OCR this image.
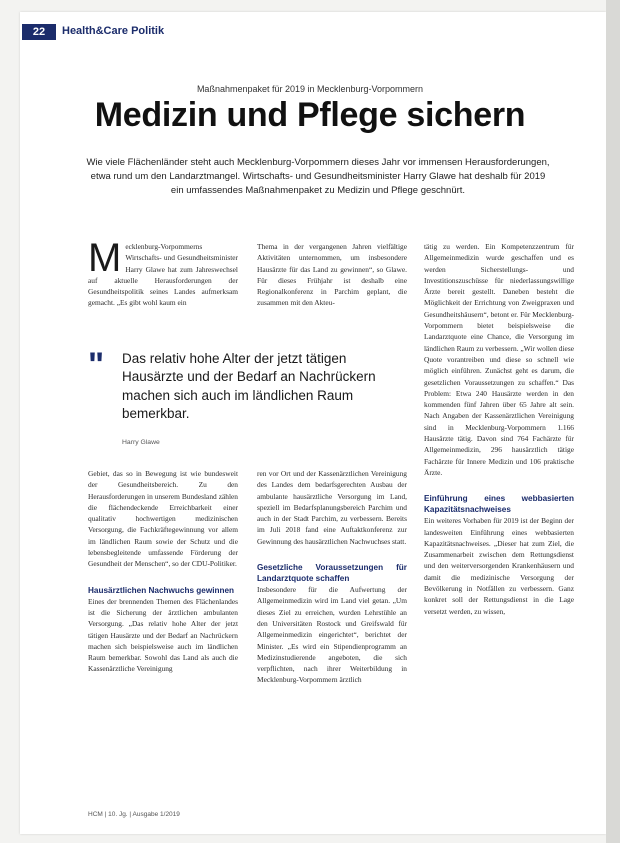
22	Health&Care Politik
Maßnahmenpaket für 2019 in Mecklenburg-Vorpommern
Medizin und Pflege sichern
Wie viele Flächenländer steht auch Mecklenburg-Vorpommern dieses Jahr vor immensen Herausforderungen, etwa rund um den Landarztmangel. Wirtschafts- und Gesundheitsminister Harry Glawe hat deshalb für 2019 ein umfassendes Maßnahmenpaket zu Medizin und Pflege geschnürt.
M ecklenburg-Vorpommerns Wirtschafts- und Gesundheitsminister Harry Glawe hat zum Jahreswechsel auf aktuelle Herausforderungen der Gesundheitspolitik seines Landes aufmerksam gemacht. „Es gibt wohl kaum ein

Thema in der vergangenen Jahren vielfältige Aktivitäten unternommen, um insbesondere Hausärzte für das Land zu gewinnen“, so Glawe. Für dieses Frühjahr ist deshalb eine Regionalkonferenz in Parchim geplant, die zusammen mit den Akteu-

" Das relativ hohe Alter der jetzt tätigen Hausärzte und der Bedarf an Nachrückern machen sich auch im ländlichen Raum bemerkbar.
Harry Glawe

Gebiet, das so in Bewegung ist wie bundesweit der Gesundheitsbereich. Zu den Herausforderungen in unserem Bundesland zählen die flächendeckende Erreichbarkeit einer qualitativ hochwertigen medizinischen Versorgung, die Fachkräftegewinnung vor allem im ländlichen Raum sowie der Schutz und die lebensbegleitende umfassende Förderung der Gesundheit der Menschen“, so der CDU-Politiker.

Hausärztlichen Nachwuchs gewinnen

Eines der brennenden Themen des Flächenlandes ist die Sicherung der ärztlichen ambulanten Versorgung. „Das relativ hohe Alter der jetzt tätigen Hausärzte und der Bedarf an Nachrückern machen sich beispielsweise auch im ländlichen Raum bemerkbar. Sowohl das Land als auch die Kassenärztliche Vereinigung

ren vor Ort und der Kassenärztlichen Vereinigung des Landes dem bedarfsgerechten Ausbau der ambulante hausärztliche Versorgung im Land, speziell im Bedarfsplanungsbereich Parchim und auch in der Stadt Parchim, zu verbessern. Bereits im Juli 2018 fand eine Auftaktkonferenz zur Gewinnung des hausärztlichen Nachwuchses statt.

Gesetzliche Voraussetzungen für Landarztquote schaffen

Insbesondere für die Aufwertung der Allgemeinmedizin wird im Land viel getan. „Um dieses Ziel zu erreichen, wurden Lehrstühle an den Universitäten Rostock und Greifswald für Allgemeinmedizin eingerichtet“, berichtet der Minister. „Es wird ein Stipendienprogramm an Medizinstudierende angeboten, die sich verpflichten, nach ihrer Weiterbildung in Mecklenburg-Vorpommern ärztlich

tätig zu werden. Ein Kompetenzzentrum für Allgemeinmedizin wurde geschaffen und es werden Sicherstellungs- und Investitionszuschüsse für niederlassungswillige Ärzte bereit gestellt. Daneben besteht die Möglichkeit der Errichtung von Zweigpraxen und Gesundheitshäusern“, betont er. Für Mecklenburg-Vorpommern bietet beispielsweise die Landarztquote eine Chance, die Versorgung im ländlichen Raum zu verbessern. „Wir wollen diese Quote vorantreiben und diese so schnell wie möglich einführen. Zunächst geht es darum, die gesetzlichen Voraussetzungen zu schaffen.“ Das Problem: Etwa 240 Hausärzte werden in den kommenden fünf Jahren über 65 Jahre alt sein. Nach Angaben der Kassenärztlichen Vereinigung sind in Mecklenburg-Vorpommern 1.166 Hausärzte tätig. Davon sind 764 Fachärzte für Allgemeinmedizin, 296 hausärztlich tätige Fachärzte für Innere Medizin und 106 praktische Ärzte.

Einführung eines webbasierten Kapazitätsnachweises

Ein weiteres Vorhaben für 2019 ist der Beginn der landesweiten Einführung eines webbasierten Kapazitätsnachweises. „Dieser hat zum Ziel, die Zusammenarbeit zwischen dem Rettungsdienst und den weiterversorgenden Krankenhäusern und damit die medizinische Versorgung der Bevölkerung in Notfällen zu verbessern. Ganz konkret soll der Rettungsdienst in die Lage versetzt werden, zu wissen,

HCM | 10. Jg. | Ausgabe 1/2019
